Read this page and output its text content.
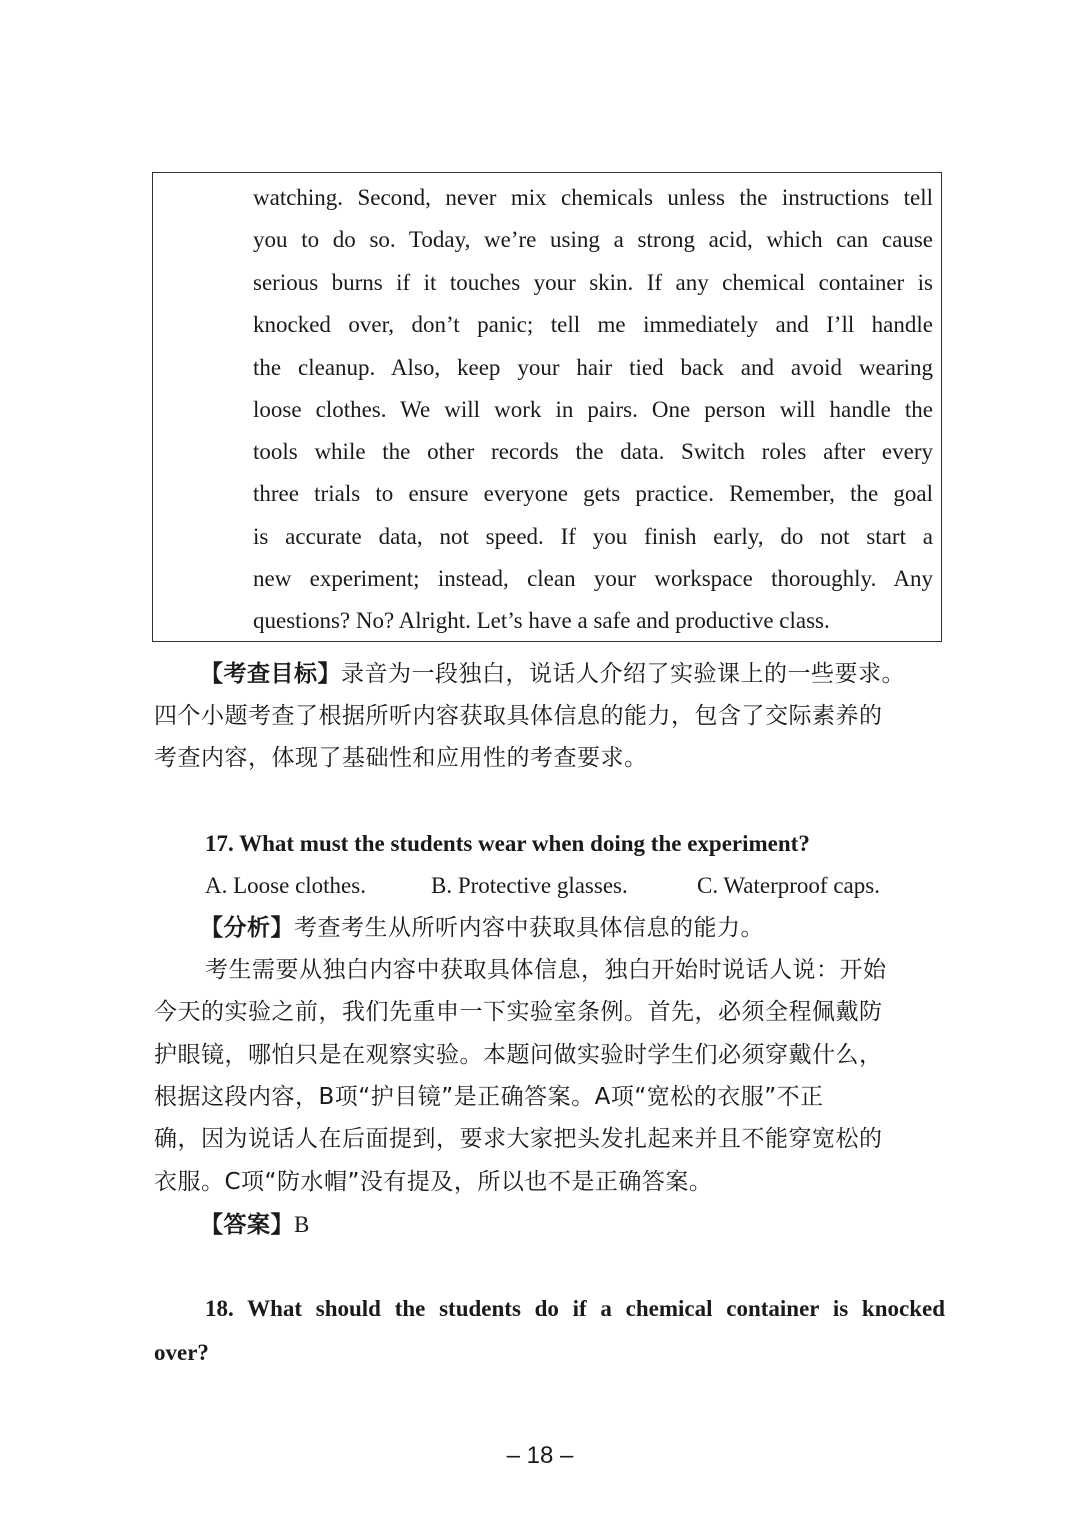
watching. Second, never mix chemicals unless the instructions tell
you to do so. Today, we’re using a strong acid, which can cause
serious burns if it touches your skin. If any chemical container is
knocked over, don’t panic; tell me immediately and I’ll handle
the cleanup. Also, keep your hair tied back and avoid wearing
loose clothes. We will work in pairs. One person will handle the
tools while the other records the data. Switch roles after every
three trials to ensure everyone gets practice. Remember, the goal
is accurate data, not speed. If you finish early, do not start a
new experiment; instead, clean your workspace thoroughly. Any
questions? No? Alright. Let’s have a safe and productive class.
【考查目标】录音为一段独白，说话人介绍了实验课上的一些要求。
四个小题考查了根据所听内容获取具体信息的能力，包含了交际素养的
考查内容，体现了基础性和应用性的考查要求。
17. What must the students wear when doing the experiment?
A. Loose clothes.	B. Protective glasses.	C. Waterproof caps.
【分析】考查考生从所听内容中获取具体信息的能力。
考生需要从独白内容中获取具体信息，独白开始时说话人说：开始
今天的实验之前，我们先重申一下实验室条例。首先，必须全程佩戴防
护眼镜，哪怕只是在观察实验。本题问做实验时学生们必须穿戴什么，
根据这段内容，B项“护目镜”是正确答案。A项“宽松的衣服”不正
确，因为说话人在后面提到，要求大家把头发扎起来并且不能穿宽松的
衣服。C项“防水帽”没有提及，所以也不是正确答案。
【答案】B
18. What should the students do if a chemical container is knocked
over?
– 18 –
